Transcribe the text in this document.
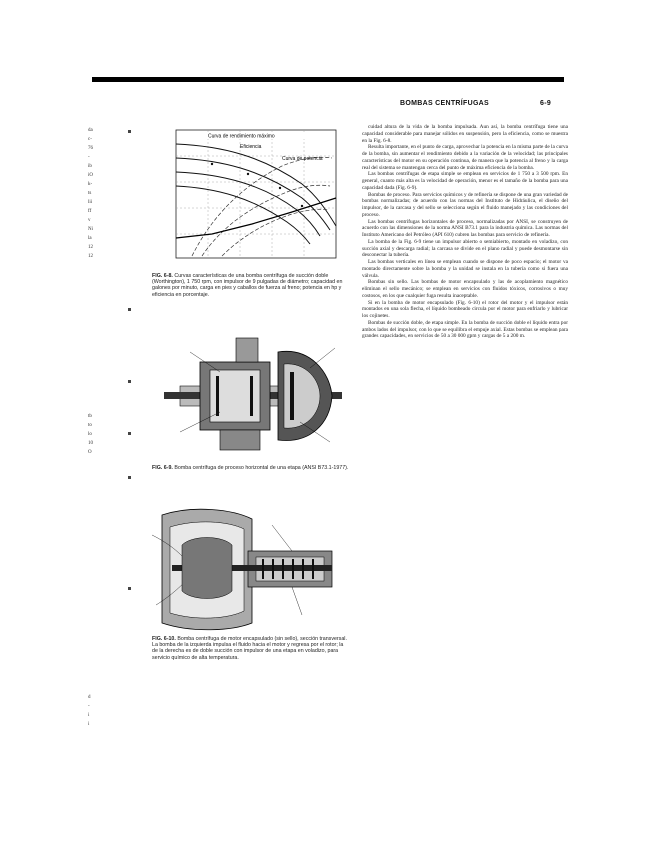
BOMBAS CENTRÍFUGAS	6-9
da
c-
76
-
ib
iO
k-
ts
lii
ff
v
Ni
la
12
12
tb
to
lo
10
O
d
-
i
i
Curva de rendimiento máximo
Eficiencia
Curva de potencia
FIG. 6-8. Curvas características de una bomba centrífuga de succión doble (Worthington), 1 750 rpm, con impulsor de 9 pulgadas de diámetro; capacidad en galones por minuto, carga en pies y caballos de fuerza al freno; potencia en hp y eficiencia en porcentaje.
FIG. 6-9. Bomba centrífuga de proceso horizontal de una etapa (ANSI B73.1-1977).
FIG. 6-10. Bomba centrífuga de motor encapsulado (sin sello), sección transversal. La bomba de la izquierda impulsa el fluido hacia el motor y regresa por el rotor; la de la derecha es de doble succión con impulsor de una etapa en voladizo, para servicio químico de alta temperatura.

cuidad altura de la vida de la bomba impulsada. Aun así, la bomba centrífuga tiene una capacidad considerable para manejar sólidos en suspensión, pero la eficiencia, como se muestra en la Fig. 6-8.

Resulta importante, en el punto de carga, aprovechar la potencia en la misma parte de la curva de la bomba, sin aumentar el rendimiento debido a la variación de la velocidad; las principales características del motor en su operación continua, de manera que la potencia al freno y la carga real del sistema se mantengan cerca del punto de máxima eficiencia de la bomba.

Las bombas centrífugas de etapa simple se emplean en servicios de 1 750 a 3 500 rpm. En general, cuanto más alta es la velocidad de operación, menor es el tamaño de la bomba para una capacidad dada (Fig. 6-9).

Bombas de proceso. Para servicios químicos y de refinería se dispone de una gran variedad de bombas normalizadas; de acuerdo con las normas del Instituto de Hidráulica, el diseño del impulsor, de la carcasa y del sello se selecciona según el fluido manejado y las condiciones del proceso.

Las bombas centrífugas horizontales de proceso, normalizadas por ANSI, se construyen de acuerdo con las dimensiones de la norma ANSI B73.1 para la industria química. Las normas del Instituto Americano del Petróleo (API 610) cubren las bombas para servicio de refinería.

La bomba de la Fig. 6-9 tiene un impulsor abierto o semiabierto, montado en voladizo, con succión axial y descarga radial; la carcasa se divide en el plano radial y puede desmontarse sin desconectar la tubería.

Las bombas verticales en línea se emplean cuando se dispone de poco espacio; el motor va montado directamente sobre la bomba y la unidad se instala en la tubería como si fuera una válvula.

Bombas sin sello. Las bombas de motor encapsulado y las de acoplamiento magnético eliminan el sello mecánico; se emplean en servicios con fluidos tóxicos, corrosivos o muy costosos, en los que cualquier fuga resulta inaceptable.

Si en la bomba de motor encapsulado (Fig. 6-10) el rotor del motor y el impulsor están montados en una sola flecha, el líquido bombeado circula por el motor para enfriarlo y lubricar los cojinetes.

Bombas de succión doble, de etapa simple. En la bomba de succión doble el líquido entra por ambos lados del impulsor, con lo que se equilibra el empuje axial. Estas bombas se emplean para grandes capacidades, en servicios de 50 a 30 000 gpm y cargas de 5 a 200 m.
